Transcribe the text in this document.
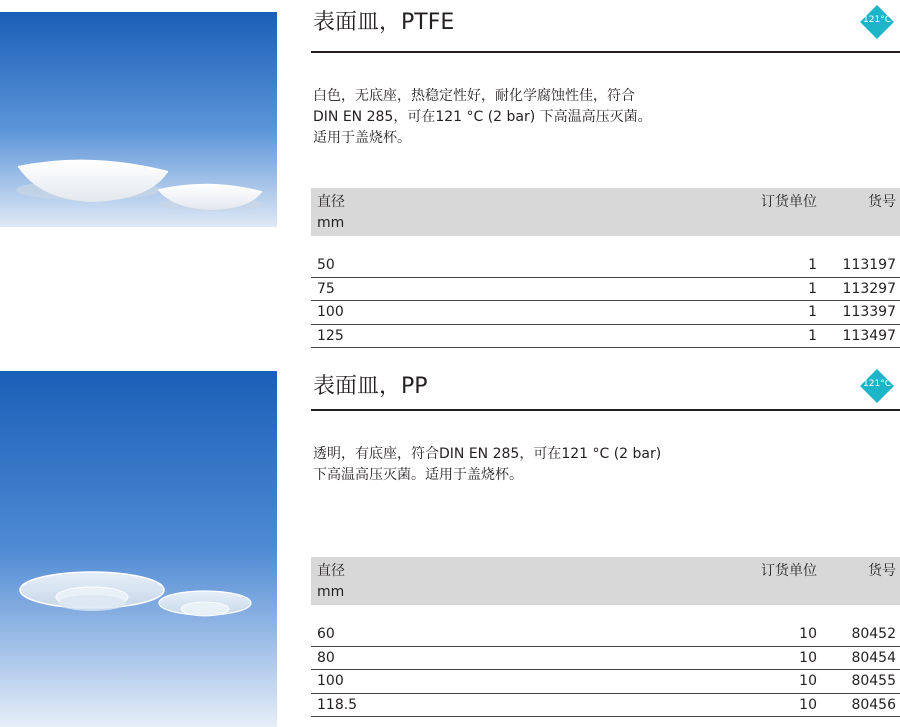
表面皿，PTFE	121°C
白色，无底座，热稳定性好，耐化学腐蚀性佳，符合
DIN EN 285，可在121 °C (2 bar) 下高温高压灭菌。
适用于盖烧杯。
直径
mm
订货单位	货号
50	1 113197
75	1 113297
100	1 113397
125	1 113497
表面皿，PP	121°C
透明，有底座，符合DIN EN 285，可在121 °C (2 bar)
下高温高压灭菌。适用于盖烧杯。
直径
mm
订货单位	货号
60	10 80452
80	10 80454
100	10 80455
118.5	10 80456
